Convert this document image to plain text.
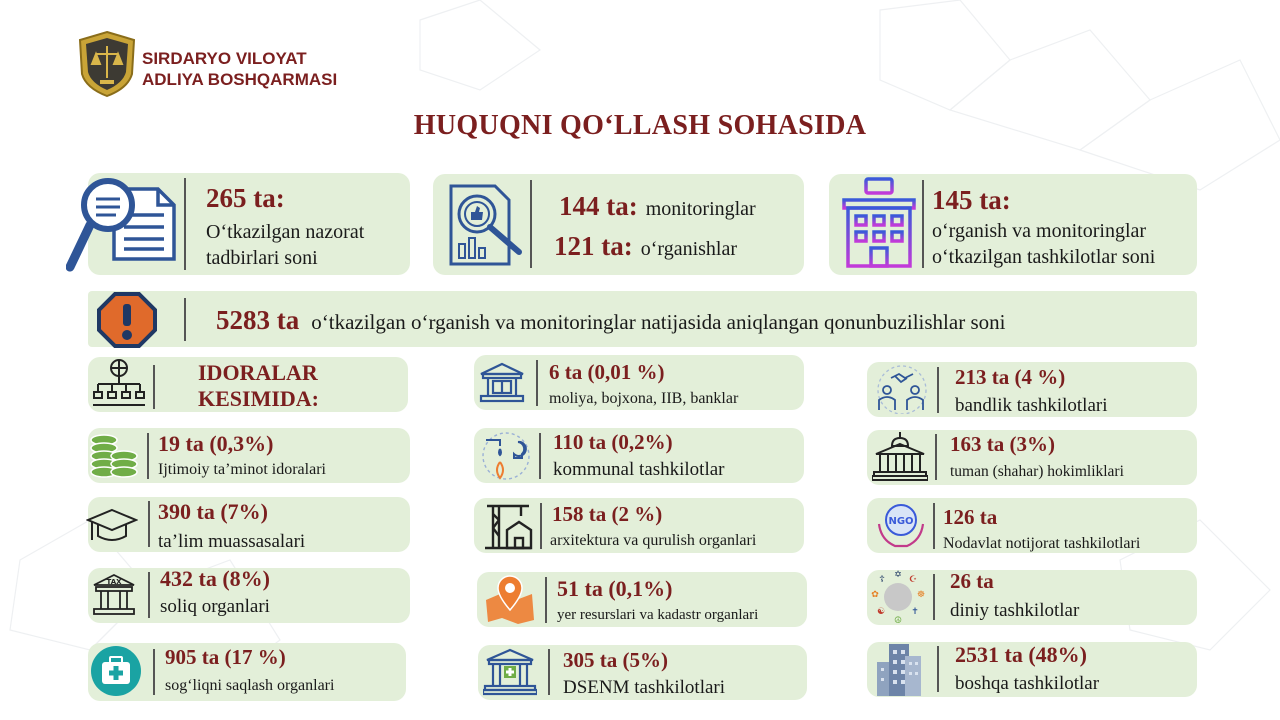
SIRDARYO VILOYAT
ADLIYA BOSHQARMASI
HUQUQNI QO‘LLASH SOHASIDA
265 ta:
O‘tkazilgan nazorat
tadbirlari soni
144 ta: monitoringlar
121 ta: o‘rganishlar
145 ta:
o‘rganish va monitoringlar
o‘tkazilgan tashkilotlar soni
5283 ta o‘tkazilgan o‘rganish va monitoringlar natijasida aniqlangan qonunbuzilishlar soni
IDORALAR
KESIMIDA:
19 ta (0,3%)
Ijtimoiy ta’minot idoralari
390 ta (7%)
ta’lim muassasalari
TAX 432 ta (8%)
soliq organlari
905 ta (17 %)
sog‘liqni saqlash organlari
6 ta (0,01 %)
moliya, bojxona, IIB, banklar
110 ta (0,2%)
kommunal tashkilotlar
158 ta (2 %)
arxitektura va qurulish organlari
51 ta (0,1%)
yer resurslari va kadastr organlari
305 ta (5%)
DSENM tashkilotlari
213 ta (4 %)
bandlik tashkilotlari
163 ta (3%)
tuman (shahar) hokimliklari
NGO 126 ta
Nodavlat notijorat tashkilotlari
✡ ☪
☸
✝
☮
☯
✿
☦	26 ta
diniy tashkilotlar
2531 ta (48%)
boshqa tashkilotlar
